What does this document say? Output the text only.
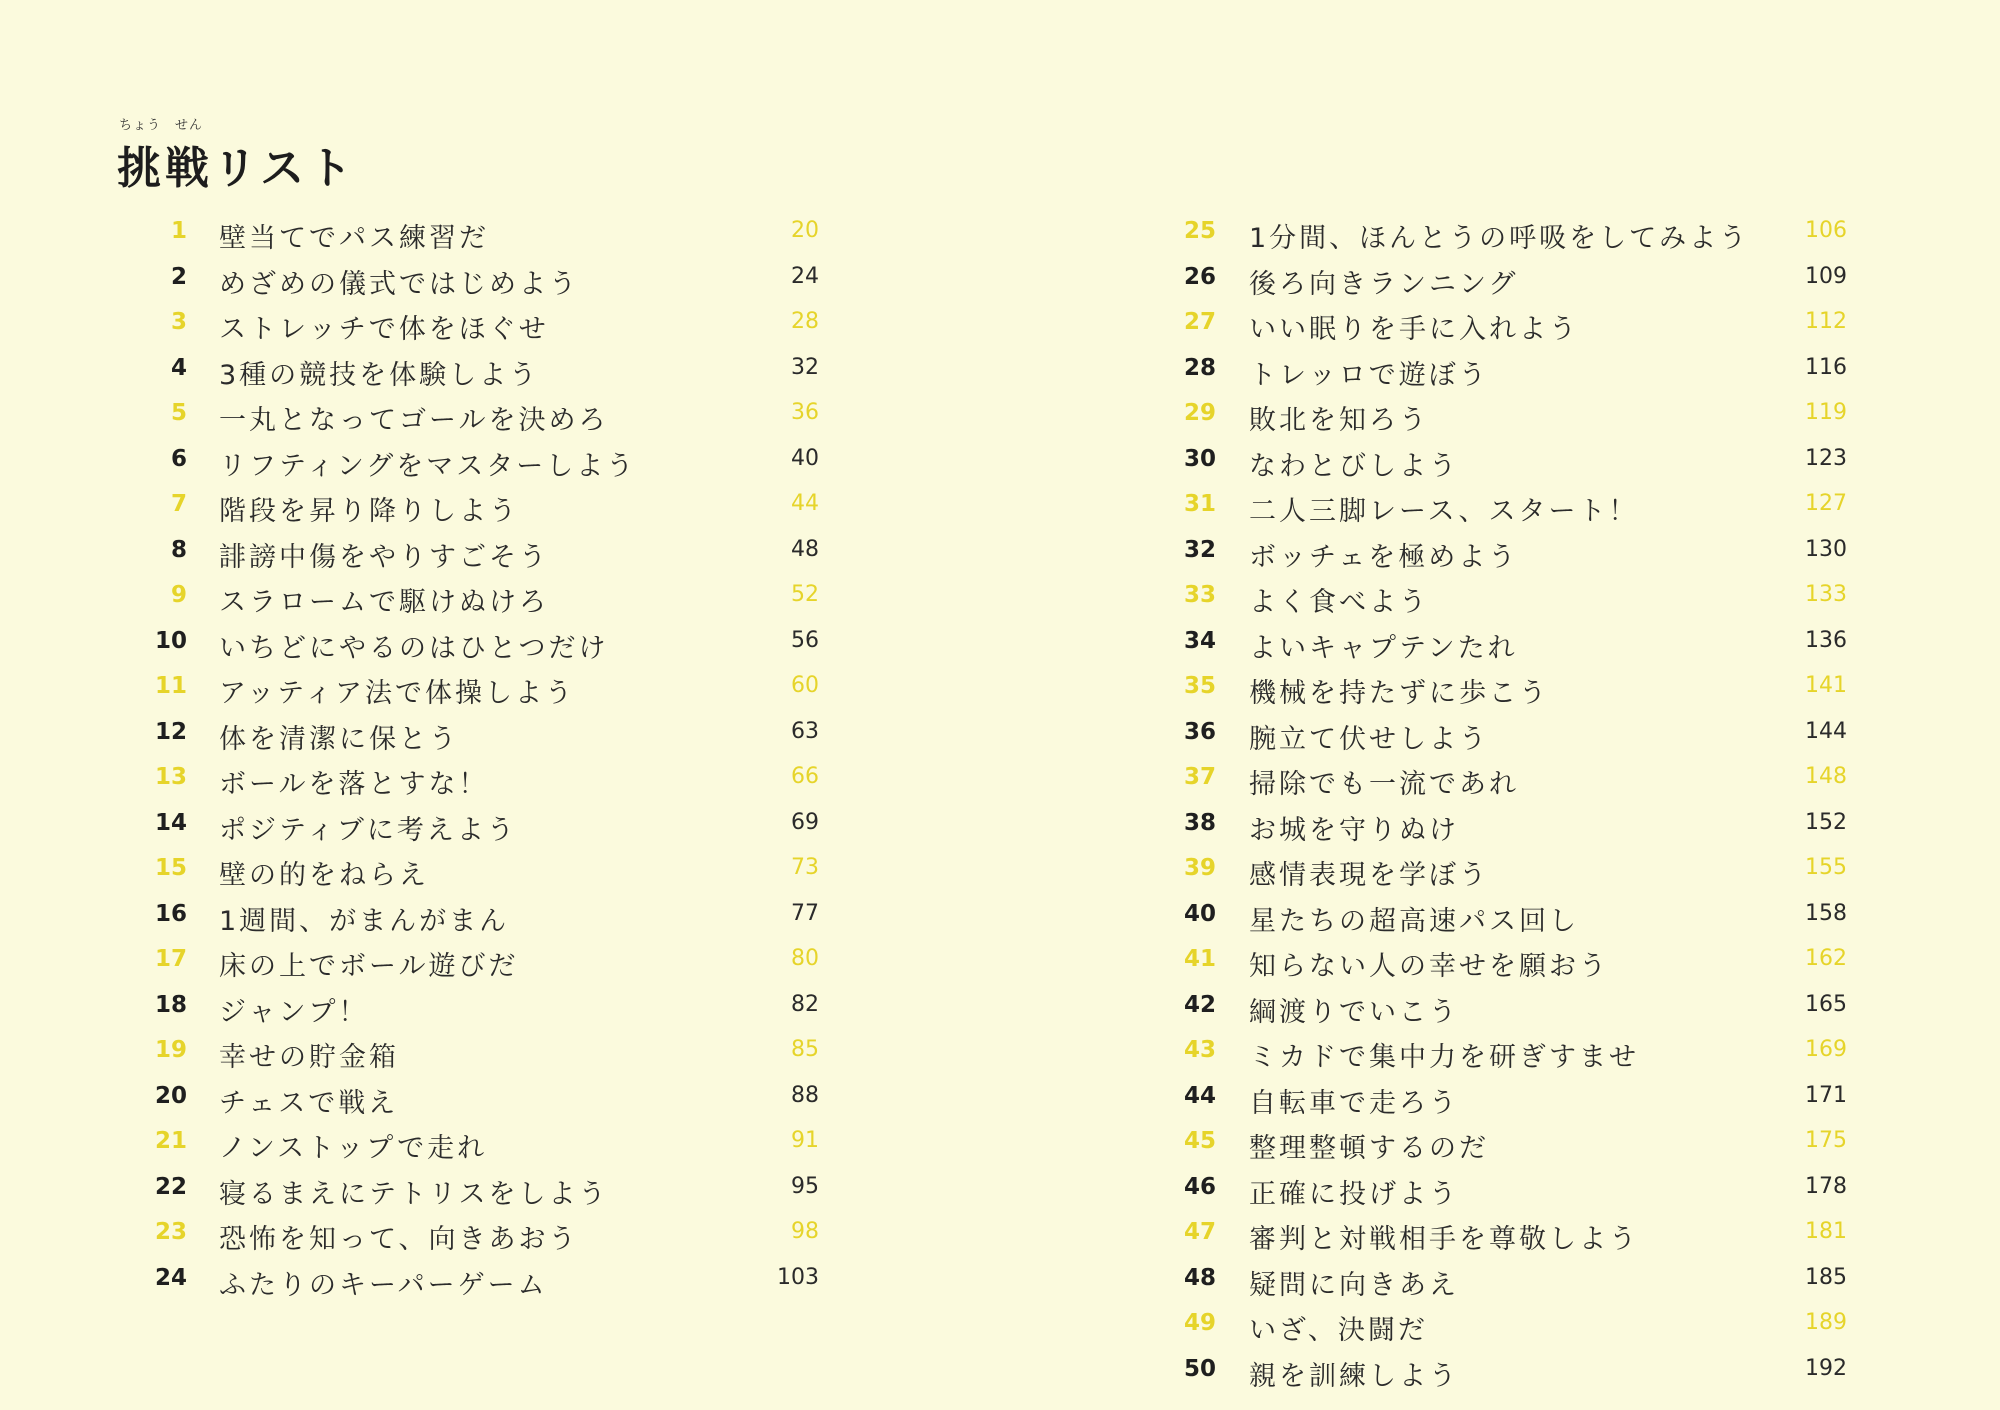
ちょう　せん
挑戦リスト
1 壁当てでパス練習だ	20
2 めざめの儀式ではじめよう	24
3 ストレッチで体をほぐせ	28
4 3種の競技を体験しよう	32
5 一丸となってゴールを決めろ	36
6 リフティングをマスターしよう	40
7 階段を昇り降りしよう	44
8 誹謗中傷をやりすごそう	48
9 スラロームで駆けぬけろ	52
10 いちどにやるのはひとつだけ	56
11 アッティア法で体操しよう	60
12 体を清潔に保とう	63
13 ボールを落とすな！	66
14 ポジティブに考えよう	69
15 壁の的をねらえ	73
16 1週間、がまんがまん	77
17 床の上でボール遊びだ	80
18 ジャンプ！	82
19 幸せの貯金箱	85
20 チェスで戦え	88
21 ノンストップで走れ	91
22 寝るまえにテトリスをしよう	95
23 恐怖を知って、向きあおう	98
24 ふたりのキーパーゲーム	103
25 1分間、ほんとうの呼吸をしてみよう	106
26 後ろ向きランニング	109
27 いい眠りを手に入れよう	112
28 トレッロで遊ぼう	116
29 敗北を知ろう	119
30 なわとびしよう	123
31 二人三脚レース、スタート！	127
32 ボッチェを極めよう	130
33 よく食べよう	133
34 よいキャプテンたれ	136
35 機械を持たずに歩こう	141
36 腕立て伏せしよう	144
37 掃除でも一流であれ	148
38 お城を守りぬけ	152
39 感情表現を学ぼう	155
40 星たちの超高速パス回し	158
41 知らない人の幸せを願おう	162
42 綱渡りでいこう	165
43 ミカドで集中力を研ぎすませ	169
44 自転車で走ろう	171
45 整理整頓するのだ	175
46 正確に投げよう	178
47 審判と対戦相手を尊敬しよう	181
48 疑問に向きあえ	185
49 いざ、決闘だ	189
50 親を訓練しよう	192
